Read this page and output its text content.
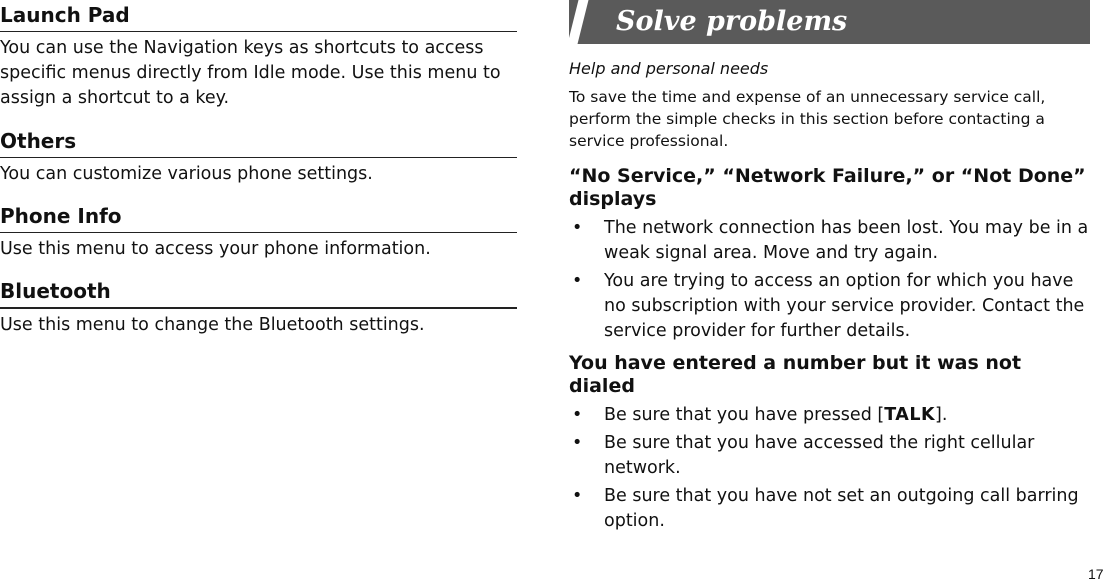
Launch Pad
You can use the Navigation keys as shortcuts to access specific menus directly from Idle mode. Use this menu to assign a shortcut to a key.
Others
You can customize various phone settings.
Phone Info
Use this menu to access your phone information.
Bluetooth
Use this menu to change the Bluetooth settings.
Solve problems
Help and personal needs
To save the time and expense of an unnecessary service call, perform the simple checks in this section before contacting a service professional.
“No Service,” “Network Failure,” or “Not Done” displays
• The network connection has been lost. You may be in a weak signal area. Move and try again.
• You are trying to access an option for which you have no subscription with your service provider. Contact the service provider for further details.
You have entered a number but it was not dialed
• Be sure that you have pressed [TALK].
• Be sure that you have accessed the right cellular network.
• Be sure that you have not set an outgoing call barring option.
17
